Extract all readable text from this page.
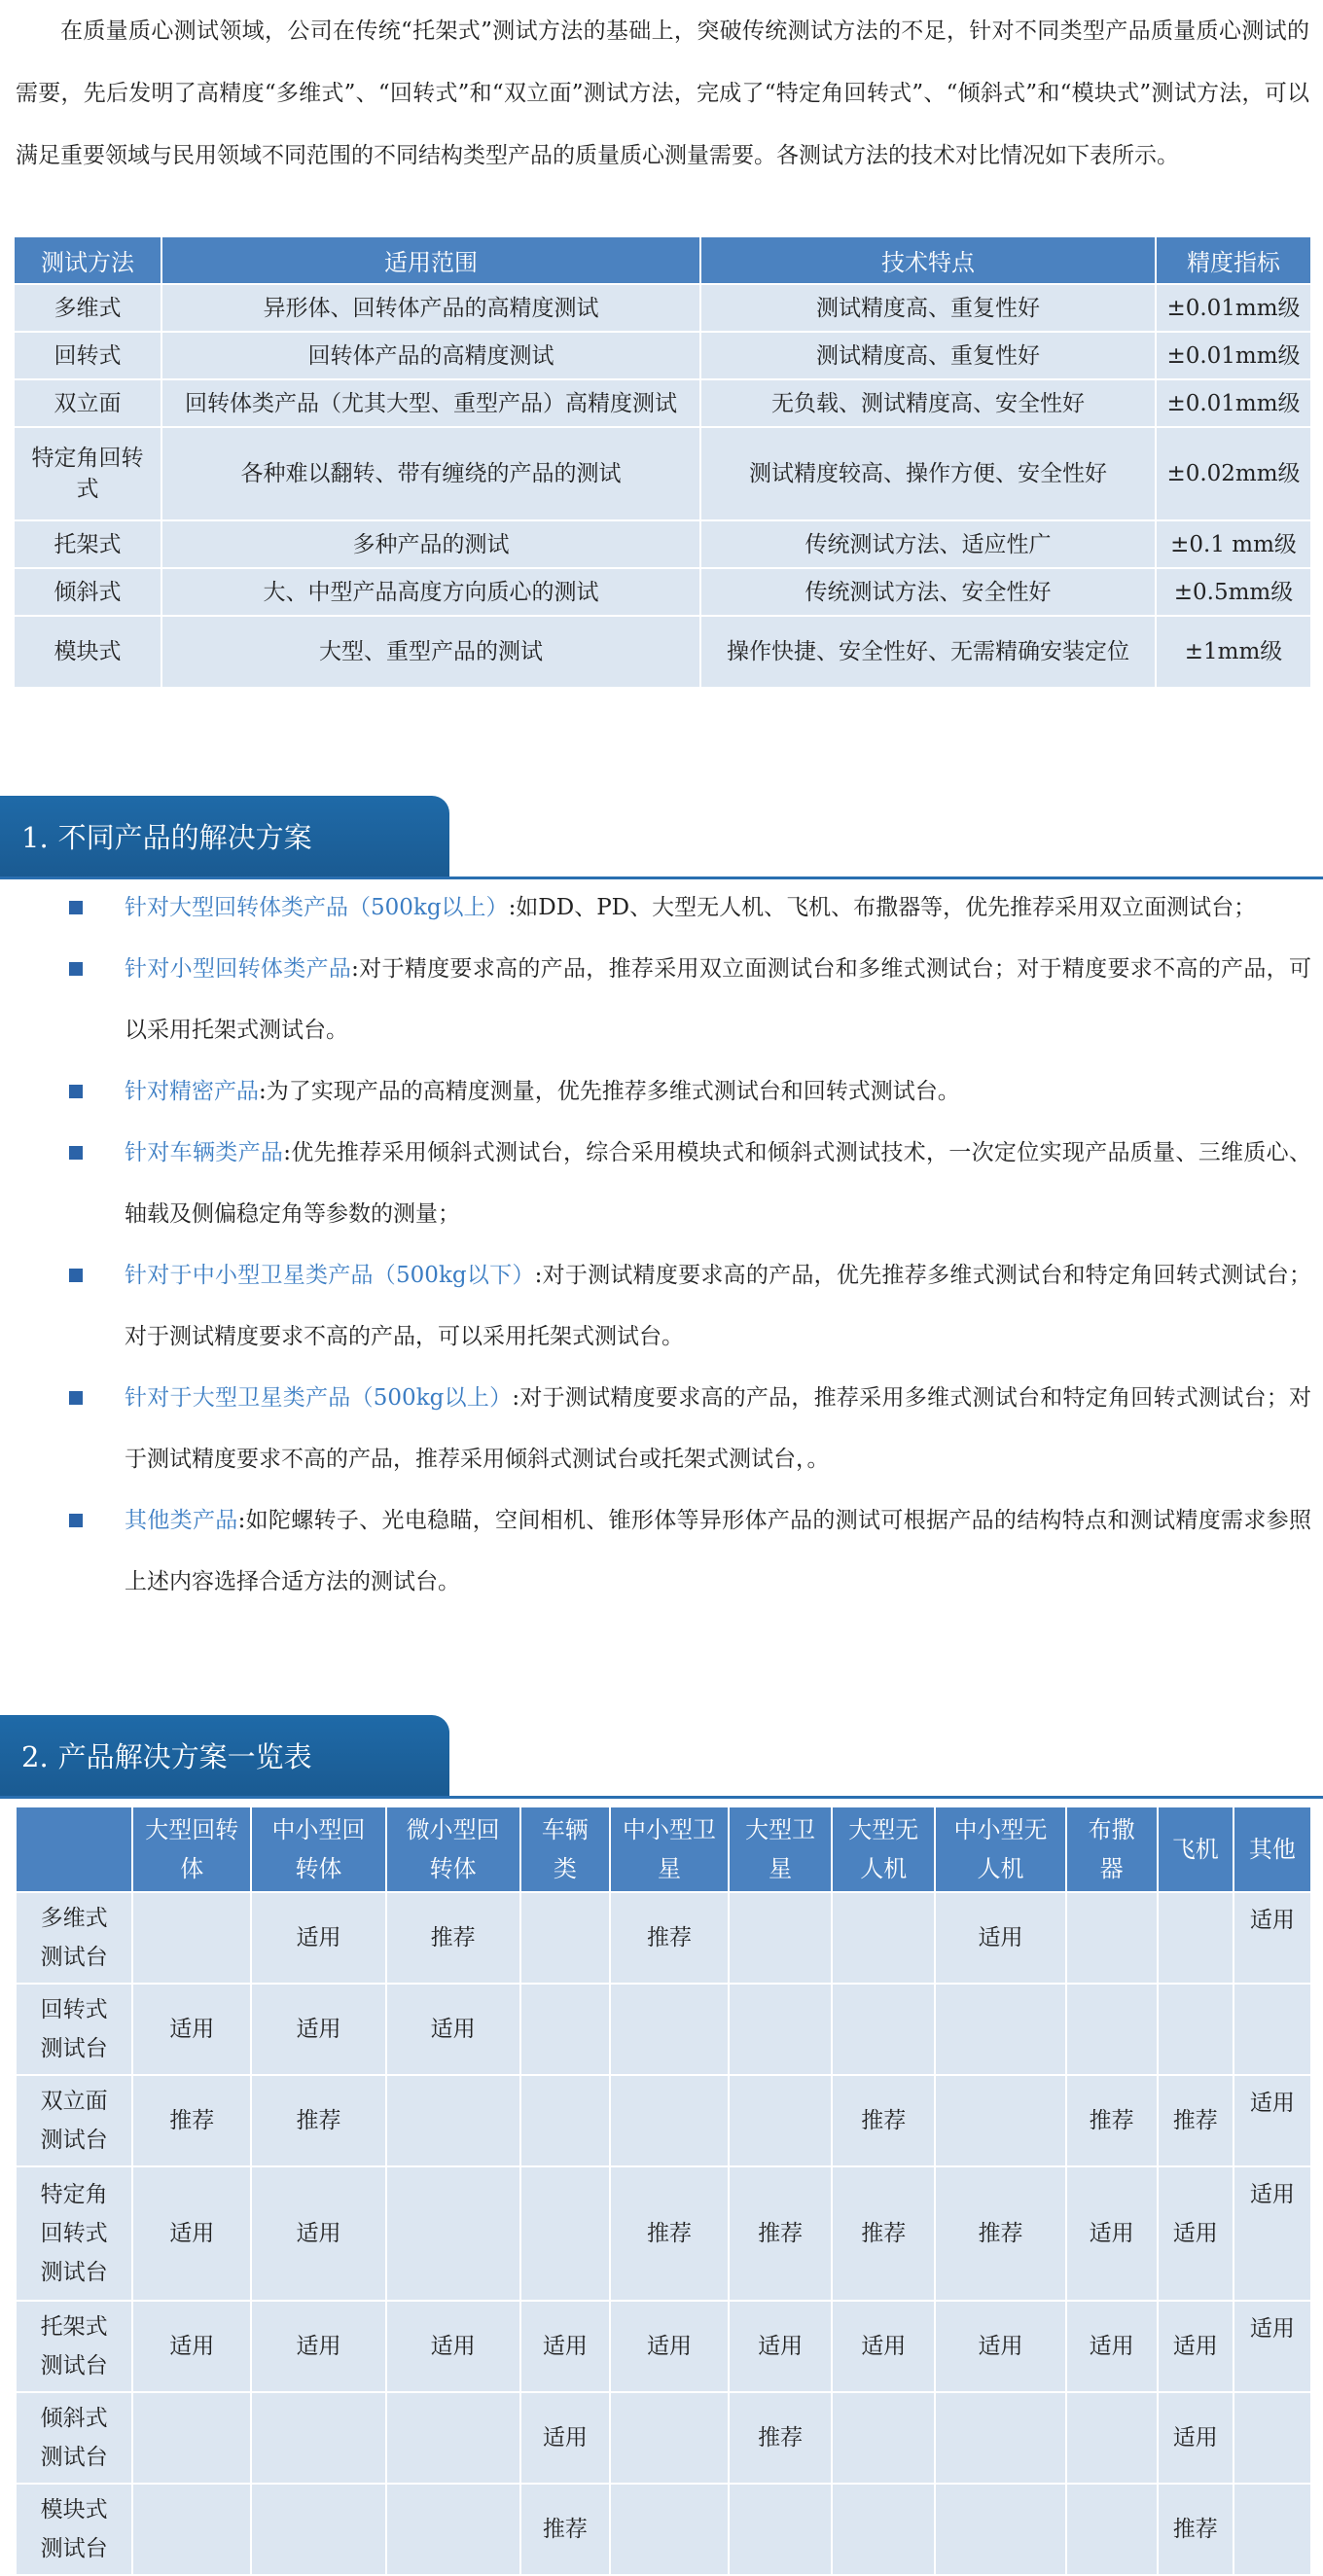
在质量质心测试领域，公司在传统“托架式”测试方法的基础上，突破传统测试方法的不足，针对不同类型产品质量质心测试的需要，先后发明了高精度“多维式”、“回转式”和“双立面”测试方法，完成了“特定角回转式”、“倾斜式”和“模块式”测试方法，可以满足重要领域与民用领域不同范围的不同结构类型产品的质量质心测量需要。各测试方法的技术对比情况如下表所示。

测试方法	适用范围	技术特点	精度指标
多维式	异形体、回转体产品的高精度测试	测试精度高、重复性好	±0.01mm级
回转式	回转体产品的高精度测试	测试精度高、重复性好	±0.01mm级
双立面	回转体类产品（尤其大型、重型产品）高精度测试	无负载、测试精度高、安全性好	±0.01mm级
特定角回转式	各种难以翻转、带有缠绕的产品的测试	测试精度较高、操作方便、安全性好	±0.02mm级
托架式	多种产品的测试	传统测试方法、适应性广	±0.1 mm级
倾斜式	大、中型产品高度方向质心的测试	传统测试方法、安全性好	±0.5mm级
模块式	大型、重型产品的测试	操作快捷、安全性好、无需精确安装定位	±1mm级
1. 不同产品的解决方案
针对大型回转体类产品（500kg以上）:如DD、PD、大型无人机、飞机、布撒器等，优先推荐采用双立面测试台；
针对小型回转体类产品:对于精度要求高的产品，推荐采用双立面测试台和多维式测试台；对于精度要求不高的产品，可以采用托架式测试台。
针对精密产品:为了实现产品的高精度测量，优先推荐多维式测试台和回转式测试台。
针对车辆类产品:优先推荐采用倾斜式测试台，综合采用模块式和倾斜式测试技术，一次定位实现产品质量、三维质心、轴载及侧偏稳定角等参数的测量；
针对于中小型卫星类产品（500kg以下）:对于测试精度要求高的产品，优先推荐多维式测试台和特定角回转式测试台；对于测试精度要求不高的产品，可以采用托架式测试台。
针对于大型卫星类产品（500kg以上）:对于测试精度要求高的产品，推荐采用多维式测试台和特定角回转式测试台；对于测试精度要求不高的产品，推荐采用倾斜式测试台或托架式测试台，。
其他类产品:如陀螺转子、光电稳瞄，空间相机、锥形体等异形体产品的测试可根据产品的结构特点和测试精度需求参照上述内容选择合适方法的测试台。
2. 产品解决方案一览表
	大型回转体	中小型回转体	微小型回转体	车辆类	中小型卫星	大型卫星	大型无人机	中小型无人机	布撒器	飞机	其他
多维式测试台		适用	推荐		推荐			适用			适用
回转式测试台	适用	适用	适用								
双立面测试台	推荐	推荐					推荐		推荐	推荐	适用
特定角回转式测试台	适用	适用			推荐	推荐	推荐	推荐	适用	适用	适用
托架式测试台	适用	适用	适用	适用	适用	适用	适用	适用	适用	适用	适用
倾斜式测试台				适用		推荐				适用	
模块式测试台				推荐						推荐	
